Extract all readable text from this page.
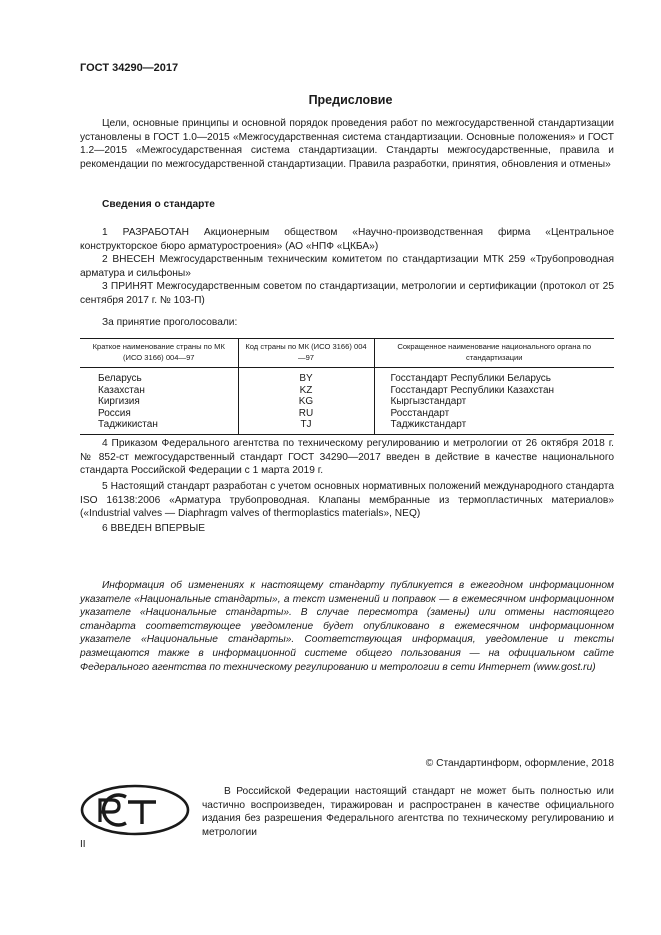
ГОСТ 34290—2017
Предисловие

Цели, основные принципы и основной порядок проведения работ по межгосударственной стандартизации установлены в ГОСТ 1.0—2015 «Межгосударственная система стандартизации. Основные положения» и ГОСТ 1.2—2015 «Межгосударственная система стандартизации. Стандарты межгосударственные, правила и рекомендации по межгосударственной стандартизации. Правила разработки, принятия, обновления и отмены»

Сведения о стандарте

1 РАЗРАБОТАН Акционерным обществом «Научно-производственная фирма «Центральное конструкторское бюро арматуростроения» (АО «НПФ «ЦКБА»)

2 ВНЕСЕН Межгосударственным техническим комитетом по стандартизации МТК 259 «Трубопроводная арматура и сильфоны»

3 ПРИНЯТ Межгосударственным советом по стандартизации, метрологии и сертификации (протокол от 25 сентября 2017 г. № 103-П)

За принятие проголосовали:
Краткое наименование страны по МК (ИСО 3166) 004—97	Код страны по МК (ИСО 3166) 004—97	Сокращенное наименование национального органа по стандартизации
Беларусь	BY	Госстандарт Республики Беларусь
Казахстан	KZ	Госстандарт Республики Казахстан
Киргизия	KG	Кыргызстандарт
Россия	RU	Росстандарт
Таджикистан	TJ	Таджикстандарт

4 Приказом Федерального агентства по техническому регулированию и метрологии от 26 октября 2018 г. № 852-ст межгосударственный стандарт ГОСТ 34290—2017 введен в действие в качестве национального стандарта Российской Федерации с 1 марта 2019 г.

5 Настоящий стандарт разработан с учетом основных нормативных положений международного стандарта ISO 16138:2006 «Арматура трубопроводная. Клапаны мембранные из термопластичных материалов» («Industrial valves — Diaphragm valves of thermoplastics materials», NEQ)

6 ВВЕДЕН ВПЕРВЫЕ

Информация об изменениях к настоящему стандарту публикуется в ежегодном информационном указателе «Национальные стандарты», а текст изменений и поправок — в ежемесячном информационном указателе «Национальные стандарты». В случае пересмотра (замены) или отмены настоящего стандарта соответствующее уведомление будет опубликовано в ежемесячном информационном указателе «Национальные стандарты». Соответствующая информация, уведомление и тексты размещаются также в информационной системе общего пользования — на официальном сайте Федерального агентства по техническому регулированию и метрологии в сети Интернет (www.gost.ru)

© Стандартинформ, оформление, 2018

В Российской Федерации настоящий стандарт не может быть полностью или частично воспроизведен, тиражирован и распространен в качестве официального издания без разрешения Федерального агентства по техническому регулированию и метрологии

II
